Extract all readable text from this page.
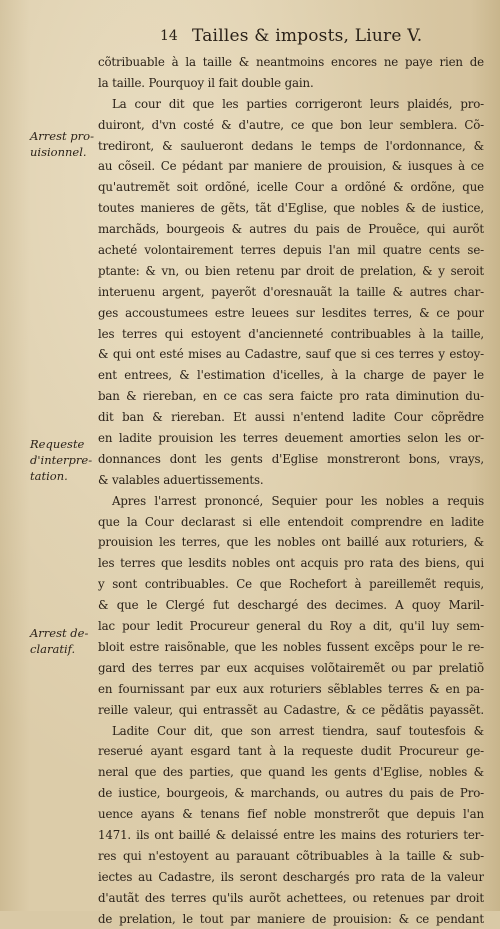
14 Tailles & imposts, Liure V.
Arrest pro-
uisionnel.
Requeste
d'interpre-
tation.
Arrest de-
claratif.
cõtribuable à la taille & neantmoins encores ne paye rien de
la taille. Pourquoy il fait double gain.
La cour dit que les parties corrigeront leurs plaidés, pro-
duiront, d'vn costé & d'autre, ce que bon leur semblera. Cõ-
trediront, & saulueront dedans le temps de l'ordonnance, &
au cõseil. Ce pédant par maniere de prouision, & iusques à ce
qu'autremẽt soit ordõné, icelle Cour a ordõné & ordõne, que
toutes manieres de gẽts, tãt d'Eglise, que nobles & de iustice,
marchãds, bourgeois & autres du pais de Prouẽce, qui aurõt
acheté volontairement terres depuis l'an mil quatre cents se-
ptante: & vn, ou bien retenu par droit de prelation, & y seroit
interuenu argent, payerõt d'oresnauãt la taille & autres char-
ges accoustumees estre leuees sur lesdites terres, & ce pour
les terres qui estoyent d'ancienneté contribuables à la taille,
& qui ont esté mises au Cadastre, sauf que si ces terres y estoy-
ent entrees, & l'estimation d'icelles, à la charge de payer le
ban & riereban, en ce cas sera faicte pro rata diminution du-
dit ban & riereban. Et aussi n'entend ladite Cour cõprẽdre
en ladite prouision les terres deuement amorties selon les or-
donnances dont les gents d'Eglise monstreront bons, vrays,
& valables aduertissements.
Apres l'arrest prononcé, Sequier pour les nobles a requis
que la Cour declarast si elle entendoit comprendre en ladite
prouision les terres, que les nobles ont baillé aux roturiers, &
les terres que lesdits nobles ont acquis pro rata des biens, qui
y sont contribuables. Ce que Rochefort à pareillemẽt requis,
& que le Clergé fut deschargé des decimes. A quoy Maril-
lac pour ledit Procureur general du Roy a dit, qu'il luy sem-
bloit estre raisõnable, que les nobles fussent excẽps pour le re-
gard des terres par eux acquises volõtairemẽt ou par prelatiõ
en fournissant par eux aux roturiers sẽblables terres & en pa-
reille valeur, qui entrassẽt au Cadastre, & ce pẽdãtis payassẽt.
Ladite Cour dit, que son arrest tiendra, sauf toutesfois &
reserué ayant esgard tant à la requeste dudit Procureur ge-
neral que des parties, que quand les gents d'Eglise, nobles &
de iustice, bourgeois, & marchands, ou autres du pais de Pro-
uence ayans & tenans fief noble monstrerõt que depuis l'an
1471. ils ont baillé & delaissé entre les mains des roturiers ter-
res qui n'estoyent au parauant cõtribuables à la taille & sub-
iectes au Cadastre, ils seront deschargés pro rata de la valeur
d'autãt des terres qu'ils aurõt achettees, ou retenues par droit
de prelation, le tout par maniere de prouision: & ce pendant
